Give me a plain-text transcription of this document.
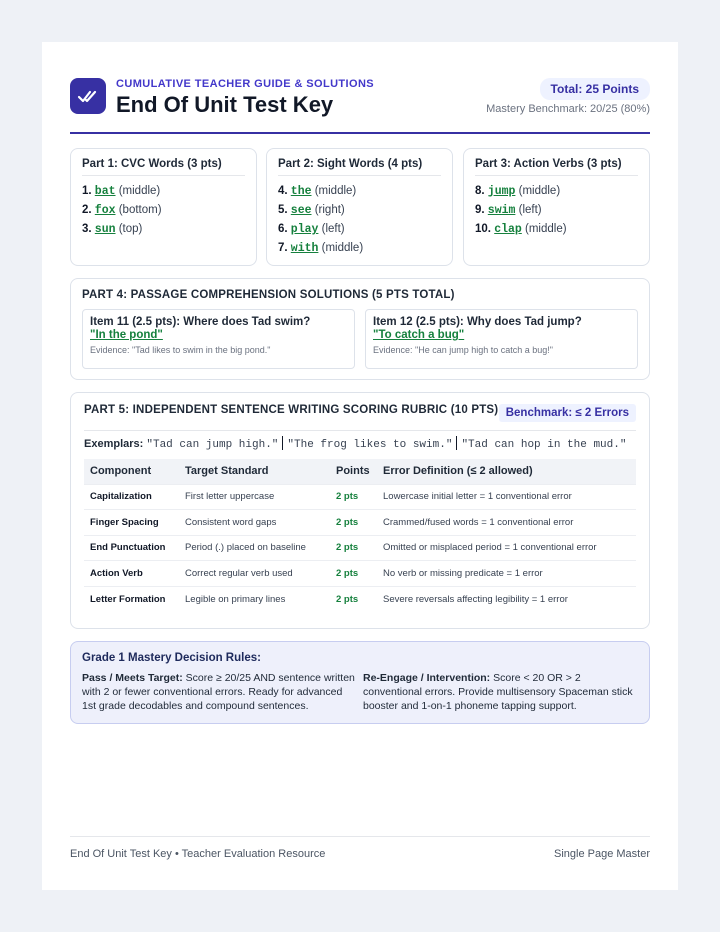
CUMULATIVE TEACHER GUIDE & SOLUTIONS
End Of Unit Test Key
Total: 25 Points
Mastery Benchmark: 20/25 (80%)
Part 1: CVC Words (3 pts)
1. bat (middle)
2. fox (bottom)
3. sun (top)
Part 2: Sight Words (4 pts)
4. the (middle)
5. see (right)
6. play (left)
7. with (middle)
Part 3: Action Verbs (3 pts)
8. jump (middle)
9. swim (left)
10. clap (middle)
PART 4: PASSAGE COMPREHENSION SOLUTIONS (5 PTS TOTAL)
Item 11 (2.5 pts): Where does Tad swim?
"In the pond"
Evidence: "Tad likes to swim in the big pond."
Item 12 (2.5 pts): Why does Tad jump?
"To catch a bug"
Evidence: "He can jump high to catch a bug!"
PART 5: INDEPENDENT SENTENCE WRITING SCORING RUBRIC (10 PTS) Benchmark: ≤ 2 Errors
Exemplars: "Tad can jump high." "The frog likes to swim." "Tad can hop in the mud."
Component	Target Standard	Points	Error Definition (≤ 2 allowed)
Capitalization	First letter uppercase	2 pts	Lowercase initial letter = 1 conventional error
Finger Spacing	Consistent word gaps	2 pts	Crammed/fused words = 1 conventional error
End Punctuation	Period (.) placed on baseline	2 pts	Omitted or misplaced period = 1 conventional error
Action Verb	Correct regular verb used	2 pts	No verb or missing predicate = 1 error
Letter Formation	Legible on primary lines	2 pts	Severe reversals affecting legibility = 1 error
Grade 1 Mastery Decision Rules:
Pass / Meets Target: Score ≥ 20/25 AND sentence written with 2 or fewer conventional errors. Ready for advanced 1st grade decodables and compound sentences.
Re-Engage / Intervention: Score < 20 OR > 2 conventional errors. Provide multisensory Spaceman stick booster and 1-on-1 phoneme tapping support.
End Of Unit Test Key • Teacher Evaluation Resource	Single Page Master
